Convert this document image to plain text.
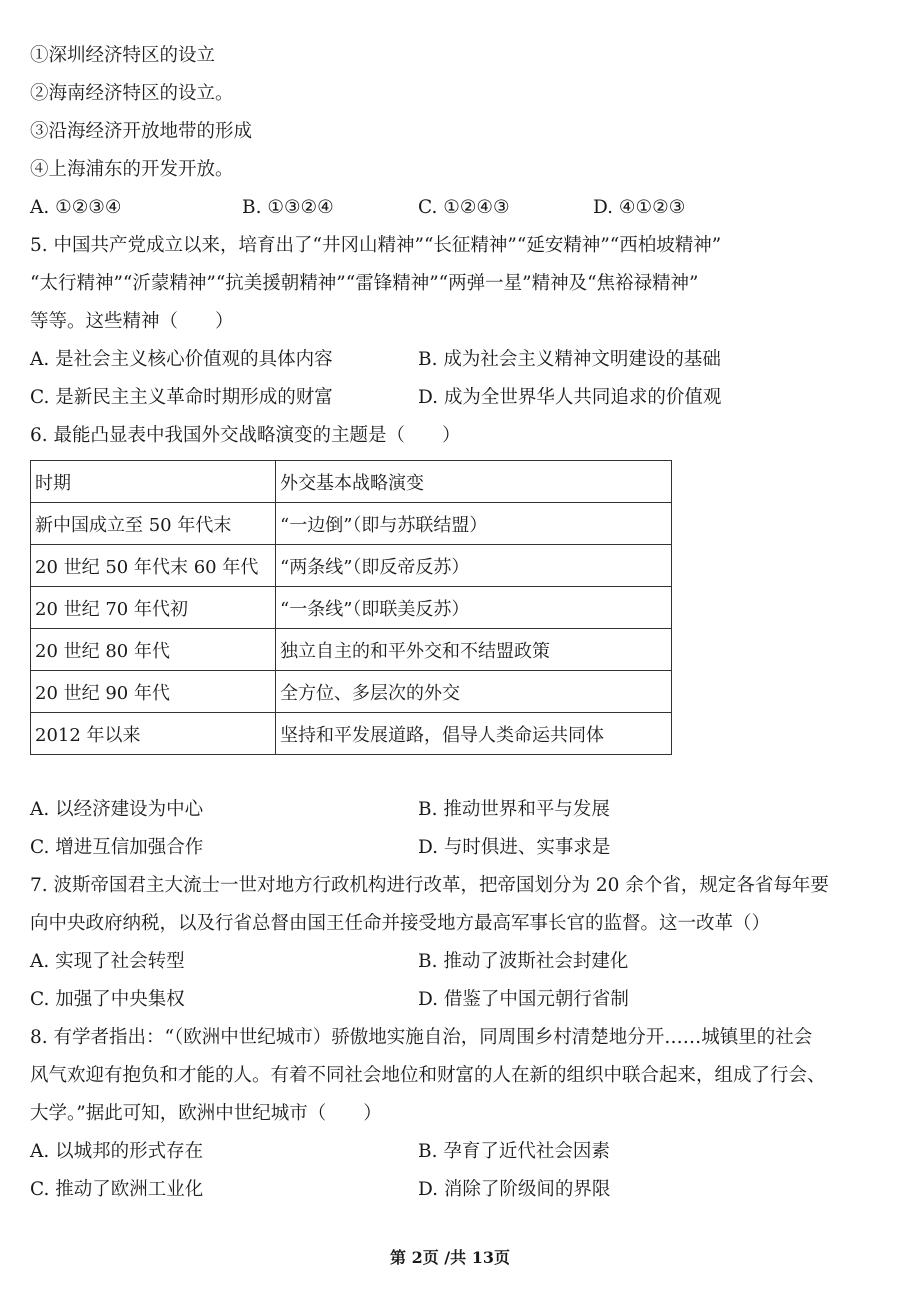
①深圳经济特区的设立
②海南经济特区的设立。
③沿海经济开放地带的形成
④上海浦东的开发开放。
A. ①②③④	B. ①③②④	C. ①②④③	D. ④①②③
5. 中国共产党成立以来，培育出了“井冈山精神”“长征精神”“延安精神”“西柏坡精神”
“太行精神”“沂蒙精神”“抗美援朝精神”“雷锋精神”“两弹一星”精神及“焦裕禄精神”
等等。这些精神（　　）
A. 是社会主义核心价值观的具体内容	B. 成为社会主义精神文明建设的基础
C. 是新民主主义革命时期形成的财富	D. 成为全世界华人共同追求的价值观
6. 最能凸显表中我国外交战略演变的主题是（　　）
时期	外交基本战略演变
新中国成立至 50 年代末	“一边倒”（即与苏联结盟）
20 世纪 50 年代末 60 年代	“两条线”（即反帝反苏）
20 世纪 70 年代初	“一条线”（即联美反苏）
20 世纪 80 年代	独立自主的和平外交和不结盟政策
20 世纪 90 年代	全方位、多层次的外交
2012 年以来	坚持和平发展道路，倡导人类命运共同体
A. 以经济建设为中心	B. 推动世界和平与发展
C. 增进互信加强合作	D. 与时俱进、实事求是
7. 波斯帝国君主大流士一世对地方行政机构进行改革，把帝国划分为 20 余个省，规定各省每年要
向中央政府纳税，以及行省总督由国王任命并接受地方最高军事长官的监督。这一改革（）
A. 实现了社会转型	B. 推动了波斯社会封建化
C. 加强了中央集权	D. 借鉴了中国元朝行省制
8. 有学者指出：“（欧洲中世纪城市）骄傲地实施自治，同周围乡村清楚地分开……城镇里的社会
风气欢迎有抱负和才能的人。有着不同社会地位和财富的人在新的组织中联合起来，组成了行会、
大学。”据此可知，欧洲中世纪城市（　　）
A. 以城邦的形式存在	B. 孕育了近代社会因素
C. 推动了欧洲工业化	D. 消除了阶级间的界限
第 2页 /共 13页
